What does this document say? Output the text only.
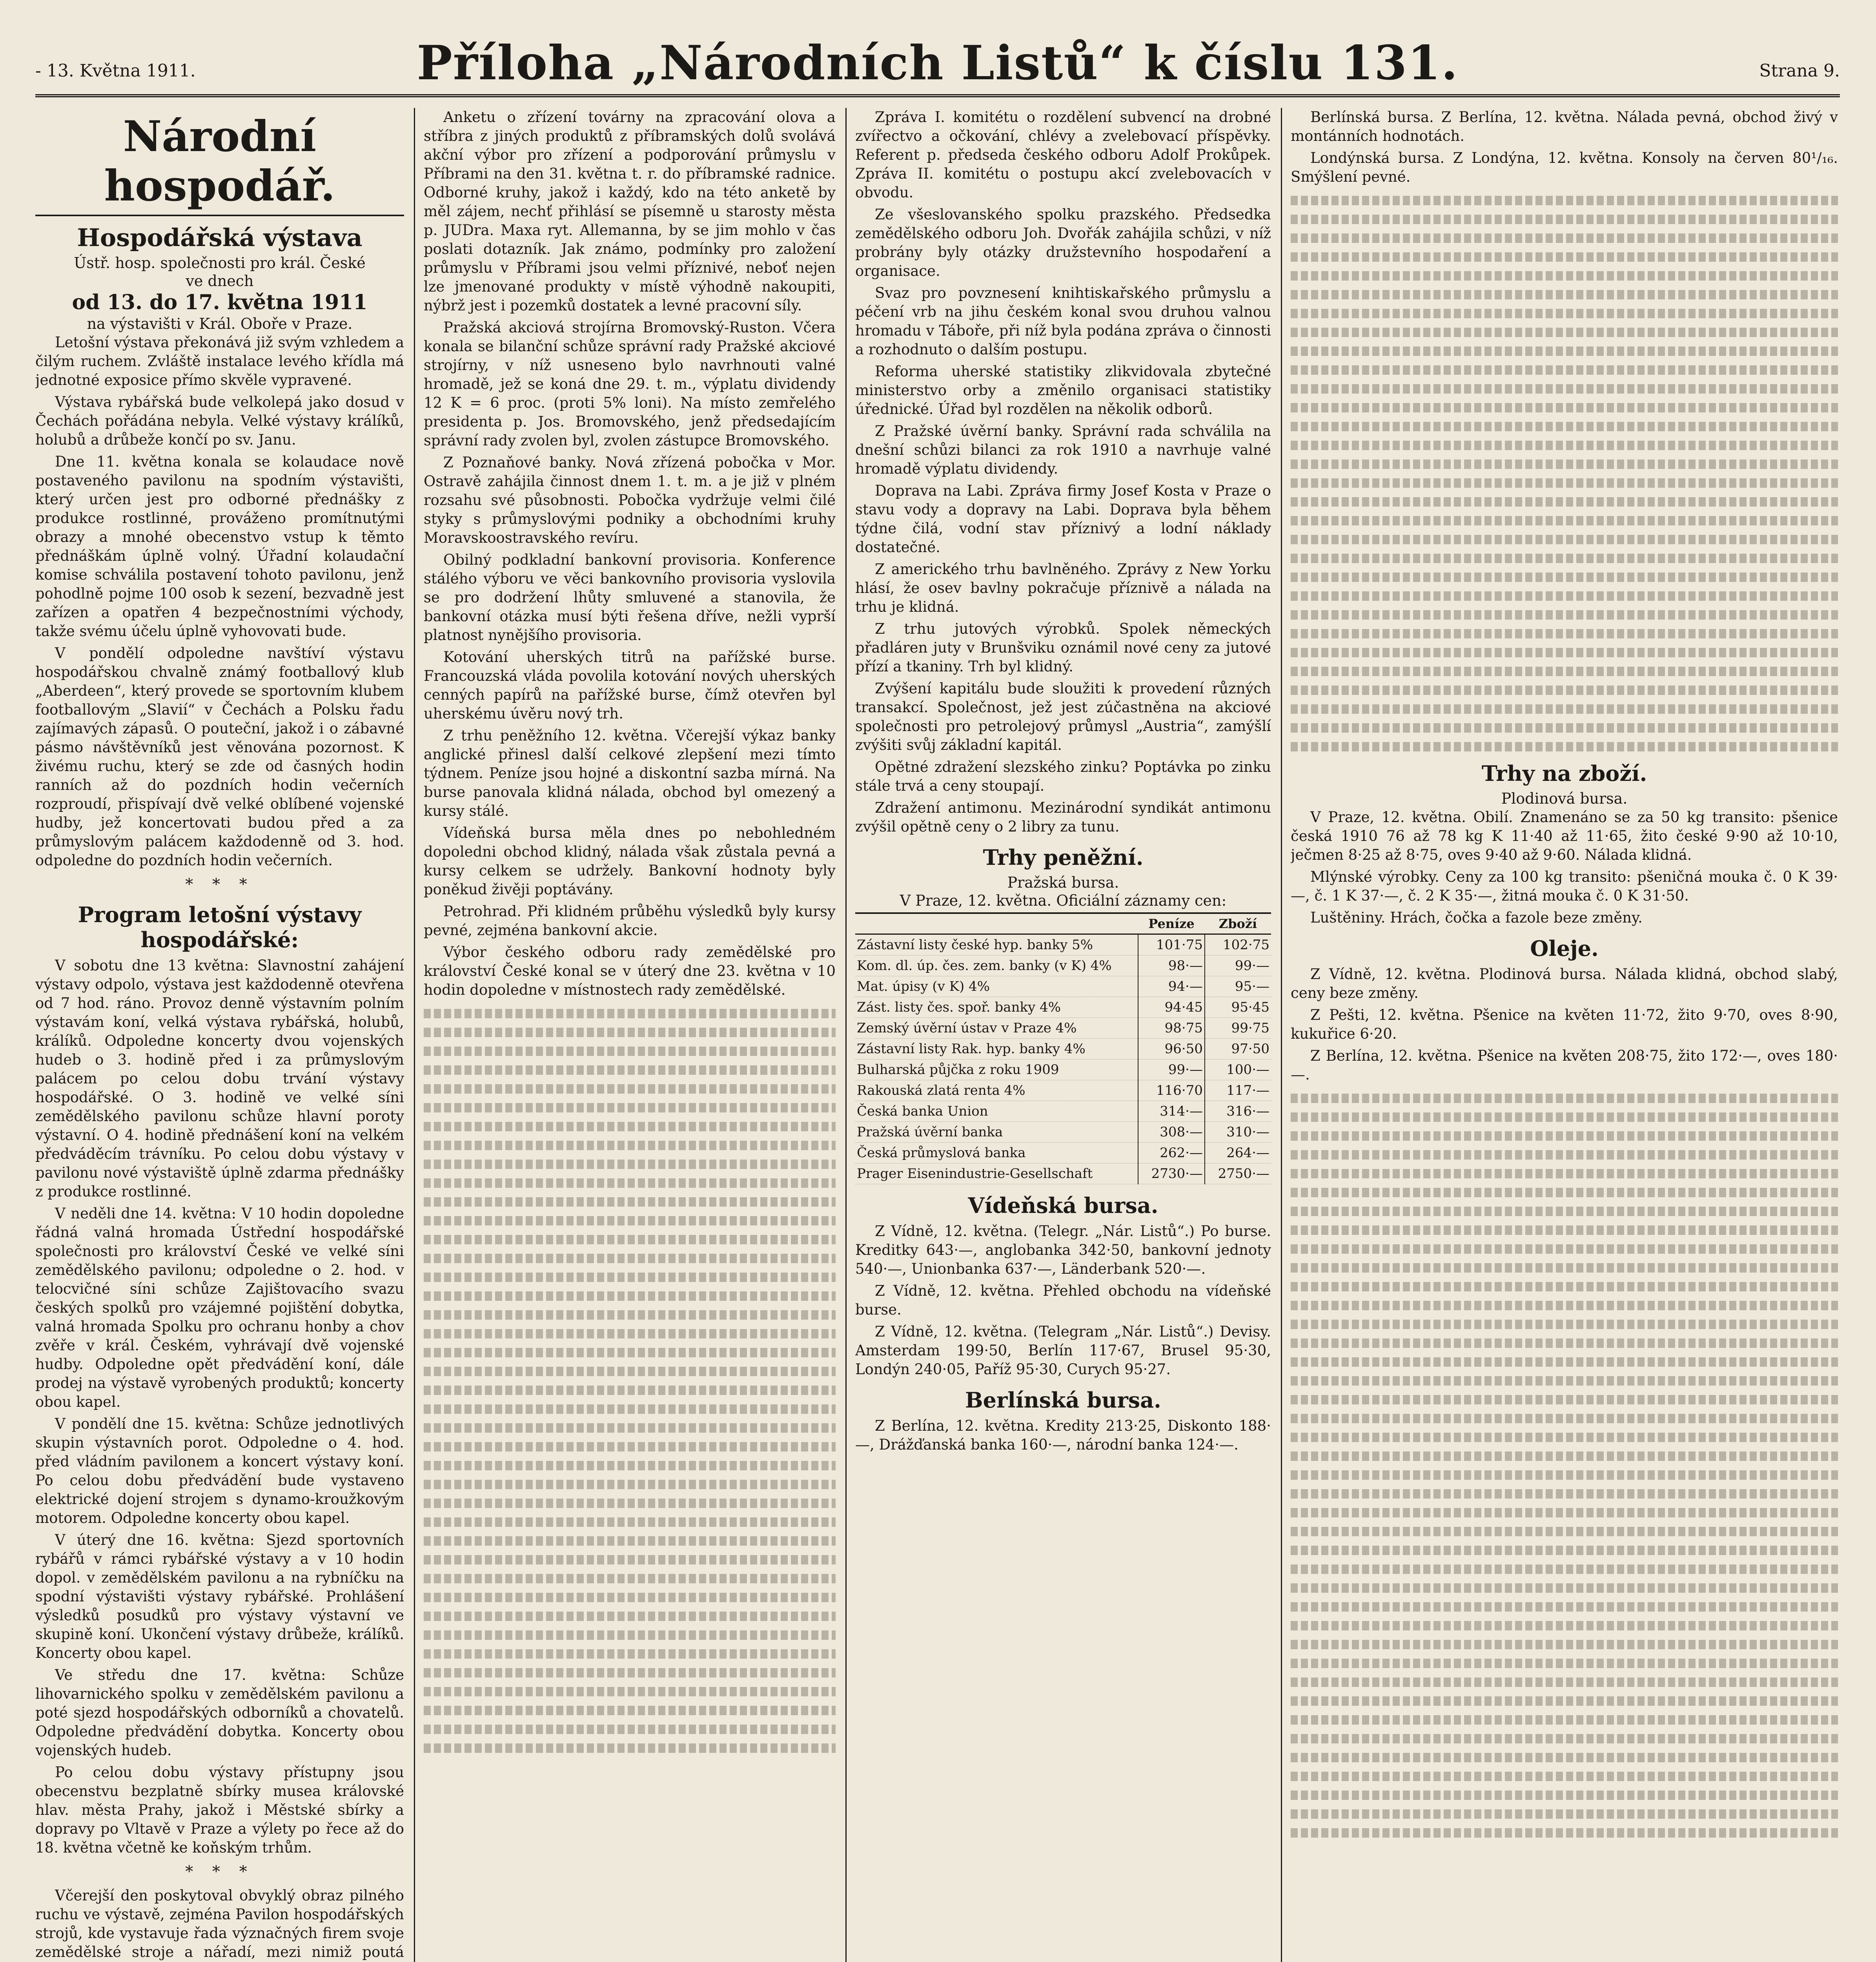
- 13. Května 1911.	Příloha „Národních Listů“ k číslu 131.	Strana 9.
Národní hospodář.
Hospodářská výstava
Ústř. hosp. společnosti pro král. České
ve dnech
od 13. do 17. května 1911
na výstavišti v Král. Oboře v Praze.

Letošní výstava překonává již svým vzhledem a čilým ruchem. Zvláště instalace levého křídla má jednotné exposice přímo skvěle vypravené.

Výstava rybářská bude velkolepá jako dosud v Čechách pořádána nebyla. Velké výstavy králíků, holubů a drůbeže končí po sv. Janu.

Dne 11. května konala se kolaudace nově postaveného pavilonu na spodním výstavišti, který určen jest pro odborné přednášky z produkce rostlinné, prováženo promítnutými obrazy a mnohé obecenstvo vstup k těmto přednáškám úplně volný. Úřadní kolaudační komise schválila postavení tohoto pavilonu, jenž pohodlně pojme 100 osob k sezení, bezvadně jest zařízen a opatřen 4 bezpečnostními východy, takže svému účelu úplně vyhovovati bude.

V pondělí odpoledne navštíví výstavu hospodářskou chvalně známý footballový klub „Aberdeen“, který provede se sportovním klubem footballovým „Slavií“ v Čechách a Polsku řadu zajímavých zápasů. O pouteční, jakož i o zábavné pásmo návštěvníků jest věnována pozornost. K živému ruchu, který se zde od časných hodin ranních až do pozdních hodin večerních rozproudí, přispívají dvě velké oblíbené vojenské hudby, jež koncertovati budou před a za průmyslovým palácem každodenně od 3. hod. odpoledne do pozdních hodin večerních.

* * *
Program letošní výstavy hospodářské:

V sobotu dne 13 května: Slavnostní zahájení výstavy odpolo, výstava jest každodenně otevřena od 7 hod. ráno. Provoz denně výstavním polním výstavám koní, velká výstava rybářská, holubů, králíků. Odpoledne koncerty dvou vojenských hudeb o 3. hodině před i za průmyslovým palácem po celou dobu trvání výstavy hospodářské. O 3. hodině ve velké síni zemědělského pavilonu schůze hlavní poroty výstavní. O 4. hodině přednášení koní na velkém předváděcím trávníku. Po celou dobu výstavy v pavilonu nové výstaviště úplně zdarma přednášky z produkce rostlinné.

V neděli dne 14. května: V 10 hodin dopoledne řádná valná hromada Ústřední hospodářské společnosti pro království České ve velké síni zemědělského pavilonu; odpoledne o 2. hod. v telocvičné síni schůze Zajištovacího svazu českých spolků pro vzájemné pojištění dobytka, valná hromada Spolku pro ochranu honby a chov zvěře v král. Českém, vyhrávají dvě vojenské hudby. Odpoledne opět předvádění koní, dále prodej na výstavě vyrobených produktů; koncerty obou kapel.

V pondělí dne 15. května: Schůze jednotlivých skupin výstavních porot. Odpoledne o 4. hod. před vládním pavilonem a koncert výstavy koní. Po celou dobu předvádění bude vystaveno elektrické dojení strojem s dynamo-kroužkovým motorem. Odpoledne koncerty obou kapel.

V úterý dne 16. května: Sjezd sportovních rybářů v rámci rybářské výstavy a v 10 hodin dopol. v zemědělském pavilonu a na rybníčku na spodní výstavišti výstavy rybářské. Prohlášení výsledků posudků pro výstavy výstavní ve skupině koní. Ukončení výstavy drůbeže, králíků. Koncerty obou kapel.

Ve středu dne 17. května: Schůze lihovarnického spolku v zemědělském pavilonu a poté sjezd hospodářských odborníků a chovatelů. Odpoledne předvádění dobytka. Koncerty obou vojenských hudeb.

Po celou dobu výstavy přístupny jsou obecenstvu bezplatně sbírky musea královské hlav. města Prahy, jakož i Městské sbírky a dopravy po Vltavě v Praze a výlety po řece až do 18. května včetně ke koňským trhům.

* * *

Včerejší den poskytoval obvyklý obraz pilného ruchu ve výstavě, zejména Pavilon hospodářských strojů, kde vystavuje řada význačných firem svoje zemědělské stroje a nářadí, mezi nimiž poutá

Anketu o zřízení továrny na zpracování olova a stříbra z jiných produktů z příbramských dolů svolává akční výbor pro zřízení a podporování průmyslu v Příbrami na den 31. května t. r. do příbramské radnice. Odborné kruhy, jakož i každý, kdo na této anketě by měl zájem, nechť přihlásí se písemně u starosty města p. JUDra. Maxa ryt. Allemanna, by se jim mohlo v čas poslati dotazník. Jak známo, podmínky pro založení průmyslu v Příbrami jsou velmi příznivé, neboť nejen lze jmenované produkty v místě výhodně nakoupiti, nýbrž jest i pozemků dostatek a levné pracovní síly.

Pražská akciová strojírna Bromovský-Ruston. Včera konala se bilanční schůze správní rady Pražské akciové strojírny, v níž usneseno bylo navrhnouti valné hromadě, jež se koná dne 29. t. m., výplatu dividendy 12 K = 6 proc. (proti 5% loni). Na místo zemřelého presidenta p. Jos. Bromovského, jenž předsedajícím správní rady zvolen byl, zvolen zástupce Bromovského.

Z Poznaňové banky. Nová zřízená pobočka v Mor. Ostravě zahájila činnost dnem 1. t. m. a je již v plném rozsahu své působnosti. Pobočka vydržuje velmi čilé styky s průmyslovými podniky a obchodními kruhy Moravskoostravského revíru.

Obilný podkladní bankovní provisoria. Konference stálého výboru ve věci bankovního provisoria vyslovila se pro dodržení lhůty smluvené a stanovila, že bankovní otázka musí býti řešena dříve, nežli vyprší platnost nynějšího provisoria.

Kotování uherských titrů na pařížské burse. Francouzská vláda povolila kotování nových uherských cenných papírů na pařížské burse, čímž otevřen byl uherskému úvěru nový trh.

Z trhu peněžního 12. května. Včerejší výkaz banky anglické přinesl další celkové zlepšení mezi tímto týdnem. Peníze jsou hojné a diskontní sazba mírná. Na burse panovala klidná nálada, obchod byl omezený a kursy stálé.

Vídeňská bursa měla dnes po nebohledném dopoledni obchod klidný, nálada však zůstala pevná a kursy celkem se udržely. Bankovní hodnoty byly poněkud živěji poptávány.

Petrohrad. Při klidném průběhu výsledků byly kursy pevné, zejména bankovní akcie.

Výbor českého odboru rady zemědělské pro království České konal se v úterý dne 23. května v 10 hodin dopoledne v místnostech rady zemědělské.

Zpráva I. komitétu o rozdělení subvencí na drobné zvířectvo a očkování, chlévy a zvelebovací příspěvky. Referent p. předseda českého odboru Adolf Prokůpek. Zpráva II. komitétu o postupu akcí zvelebovacích v obvodu.

Ze všeslovanského spolku prazského. Předsedka zemědělského odboru Joh. Dvořák zahájila schůzi, v níž probrány byly otázky družstevního hospodaření a organisace.

Svaz pro povznesení knihtiskařského průmyslu a péčení vrb na jihu českém konal svou druhou valnou hromadu v Táboře, při níž byla podána zpráva o činnosti a rozhodnuto o dalším postupu.

Reforma uherské statistiky zlikvidovala zbytečné ministerstvo orby a změnilo organisaci statistiky úřednické. Úřad byl rozdělen na několik odborů.

Z Pražské úvěrní banky. Správní rada schválila na dnešní schůzi bilanci za rok 1910 a navrhuje valné hromadě výplatu dividendy.

Doprava na Labi. Zpráva firmy Josef Kosta v Praze o stavu vody a dopravy na Labi. Doprava byla během týdne čilá, vodní stav příznivý a lodní náklady dostatečné.

Z amerického trhu bavlněného. Zprávy z New Yorku hlásí, že osev bavlny pokračuje příznivě a nálada na trhu je klidná.

Z trhu jutových výrobků. Spolek německých přadláren juty v Brunšviku oznámil nové ceny za jutové přízí a tkaniny. Trh byl klidný.

Zvýšení kapitálu bude sloužiti k provedení různých transakcí. Společnost, jež jest zúčastněna na akciové společnosti pro petrolejový průmysl „Austria“, zamýšlí zvýšiti svůj základní kapitál.

Opětné zdražení slezského zinku? Poptávka po zinku stále trvá a ceny stoupají.

Zdražení antimonu. Mezinárodní syndikát antimonu zvýšil opětně ceny o 2 libry za tunu.

Trhy peněžní.
Pražská bursa.
V Praze, 12. května. Oficiální záznamy cen:
	Peníze	Zboží
Zástavní listy české hyp. banky 5%	101·75	102·75
Kom. dl. úp. čes. zem. banky (v K) 4%	98·—	99·—
Mat. úpisy (v K) 4%	94·—	95·—
Zást. listy čes. spoř. banky 4%	94·45	95·45
Zemský úvěrní ústav v Praze 4%	98·75	99·75
Zástavní listy Rak. hyp. banky 4%	96·50	97·50
Bulharská půjčka z roku 1909	99·—	100·—
Rakouská zlatá renta 4%	116·70	117·—
Česká banka Union	314·—	316·—
Pražská úvěrní banka	308·—	310·—
Česká průmyslová banka	262·—	264·—
Prager Eisenindustrie-Gesellschaft	2730·—	2750·—
Vídeňská bursa.

Z Vídně, 12. května. (Telegr. „Nár. Listů“.) Po burse. Kreditky 643·—, anglobanka 342·50, bankovní jednoty 540·—, Unionbanka 637·—, Länderbank 520·—.

Z Vídně, 12. května. Přehled obchodu na vídeňské burse.

Z Vídně, 12. května. (Telegram „Nár. Listů“.) Devisy. Amsterdam 199·50, Berlín 117·67, Brusel 95·30, Londýn 240·05, Paříž 95·30, Curych 95·27.

Berlínská bursa.

Z Berlína, 12. května. Kredity 213·25, Diskonto 188·—, Drážďanská banka 160·—, národní banka 124·—.

Berlínská bursa. Z Berlína, 12. května. Nálada pevná, obchod živý v montánních hodnotách.

Londýnská bursa. Z Londýna, 12. května. Konsoly na červen 80¹/₁₆. Smýšlení pevné.

Trhy na zboží.
Plodinová bursa.

V Praze, 12. května. Obilí. Znamenáno se za 50 kg transito: pšenice česká 1910 76 až 78 kg K 11·40 až 11·65, žito české 9·90 až 10·10, ječmen 8·25 až 8·75, oves 9·40 až 9·60. Nálada klidná.

Mlýnské výrobky. Ceny za 100 kg transito: pšeničná mouka č. 0 K 39·—, č. 1 K 37·—, č. 2 K 35·—, žitná mouka č. 0 K 31·50.

Luštěniny. Hrách, čočka a fazole beze změny.

Oleje.

Z Vídně, 12. května. Plodinová bursa. Nálada klidná, obchod slabý, ceny beze změny.

Z Pešti, 12. května. Pšenice na květen 11·72, žito 9·70, oves 8·90, kukuřice 6·20.

Z Berlína, 12. května. Pšenice na květen 208·75, žito 172·—, oves 180·—.
